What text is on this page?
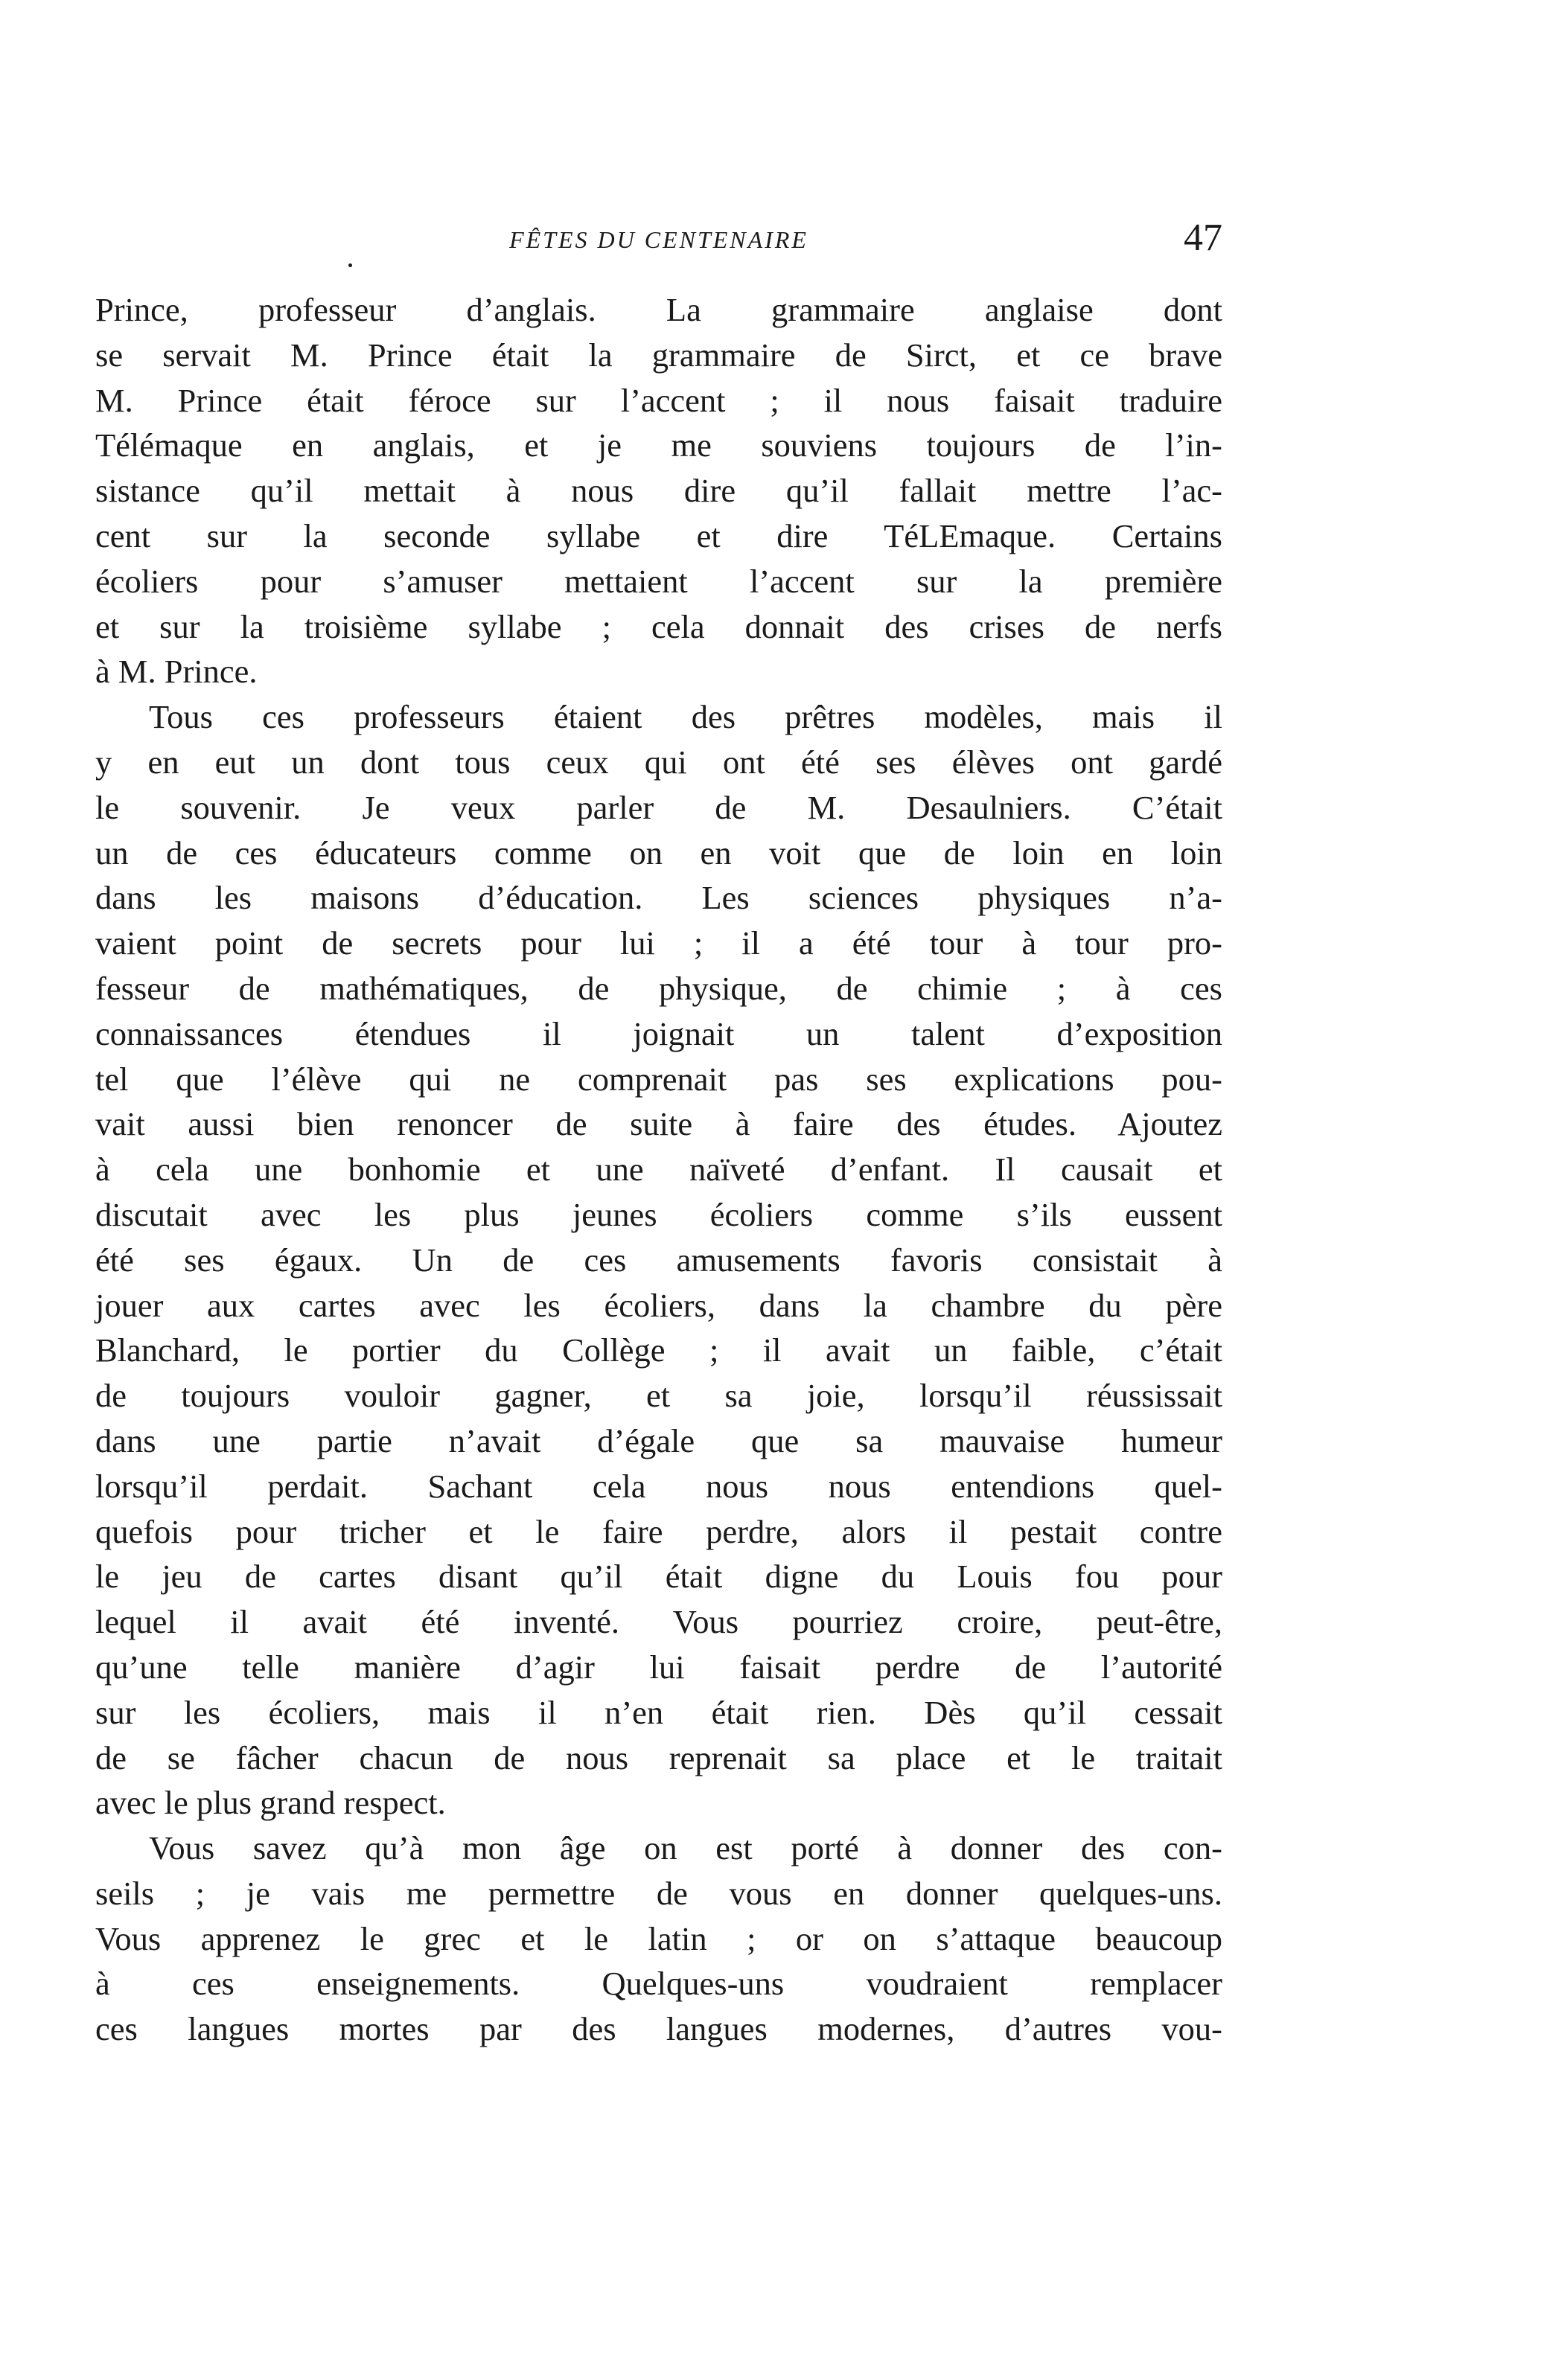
FÊTES DU CENTENAIRE	47
Prince, professeur d’anglais. La grammaire anglaise dont
se servait M. Prince était la grammaire de Sirct, et ce brave
M. Prince était féroce sur l’accent ; il nous faisait traduire
Télémaque en anglais, et je me souviens toujours de l’in-
sistance qu’il mettait à nous dire qu’il fallait mettre l’ac-
cent sur la seconde syllabe et dire TéLEmaque. Certains
écoliers pour s’amuser mettaient l’accent sur la première
et sur la troisième syllabe ; cela donnait des crises de nerfs
à M. Prince.
Tous ces professeurs étaient des prêtres modèles, mais il
y en eut un dont tous ceux qui ont été ses élèves ont gardé
le souvenir. Je veux parler de M. Desaulniers. C’était
un de ces éducateurs comme on en voit que de loin en loin
dans les maisons d’éducation. Les sciences physiques n’a-
vaient point de secrets pour lui ; il a été tour à tour pro-
fesseur de mathématiques, de physique, de chimie ; à ces
connaissances étendues il joignait un talent d’exposition
tel que l’élève qui ne comprenait pas ses explications pou-
vait aussi bien renoncer de suite à faire des études. Ajoutez
à cela une bonhomie et une naïveté d’enfant. Il causait et
discutait avec les plus jeunes écoliers comme s’ils eussent
été ses égaux. Un de ces amusements favoris consistait à
jouer aux cartes avec les écoliers, dans la chambre du père
Blanchard, le portier du Collège ; il avait un faible, c’était
de toujours vouloir gagner, et sa joie, lorsqu’il réussissait
dans une partie n’avait d’égale que sa mauvaise humeur
lorsqu’il perdait. Sachant cela nous nous entendions quel-
quefois pour tricher et le faire perdre, alors il pestait contre
le jeu de cartes disant qu’il était digne du Louis fou pour
lequel il avait été inventé. Vous pourriez croire, peut-être,
qu’une telle manière d’agir lui faisait perdre de l’autorité
sur les écoliers, mais il n’en était rien. Dès qu’il cessait
de se fâcher chacun de nous reprenait sa place et le traitait
avec le plus grand respect.
Vous savez qu’à mon âge on est porté à donner des con-
seils ; je vais me permettre de vous en donner quelques-uns.
Vous apprenez le grec et le latin ; or on s’attaque beaucoup
à ces enseignements. Quelques-uns voudraient remplacer
ces langues mortes par des langues modernes, d’autres vou-
